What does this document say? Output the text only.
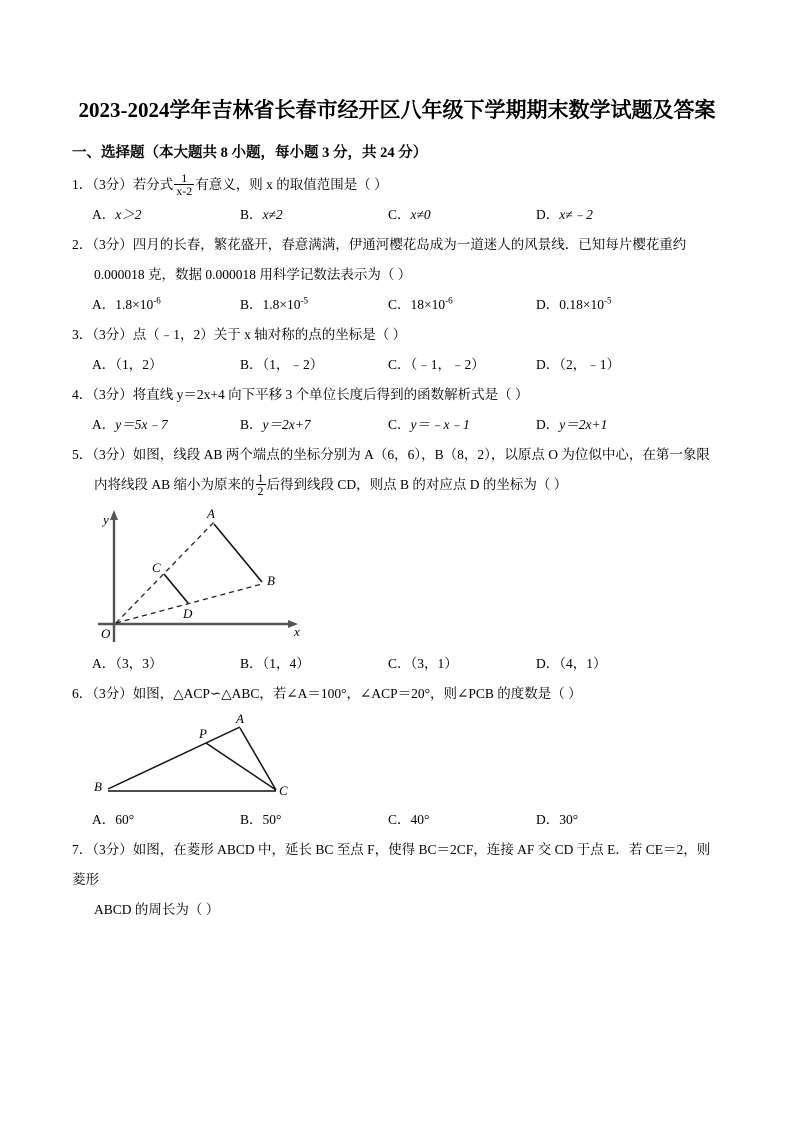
2023-2024学年吉林省长春市经开区八年级下学期期末数学试题及答案
一、选择题（本大题共 8 小题，每小题 3 分，共 24 分）
1．（3分）若分式 $\frac{1}{x-2}$ 有意义，则 x 的取值范围是（ ）
A．x＞2	B．x≠2	C．x≠0	D．x≠﹣2
2．（3分）四月的长春，繁花盛开，春意满满，伊通河樱花岛成为一道迷人的风景线．已知每片樱花重约
0.000018 克，数据 0.000018 用科学记数法表示为（ ）
A．$1.8\times 10^{-6}$	B．$1.8\times 10^{-5}$	C．$18\times 10^{-6}$	D．$0.18\times 10^{-5}$
3．（3分）点（﹣1，2）关于 x 轴对称的点的坐标是（ ）
A．（1，2）	B．（1，﹣2）	C．（﹣1，﹣2）	D．（2，﹣1）
4．（3分）将直线 y＝2x+4 向下平移 3 个单位长度后得到的函数解析式是（ ）
A．y＝5x﹣7	B．y＝2x+7	C．y＝﹣x﹣1	D．y＝2x+1
5．（3分）如图，线段 AB 两个端点的坐标分别为 A（6，6），B（8，2），以原点 O 为位似中心，在第一象限
内将线段 AB 缩小为原来的 $\frac{1}{2}$ 后得到线段 CD，则点 B 的对应点 D 的坐标为（ ）
A
B
C
D
O
y
x
A．（3，3）	B．（1，4）	C．（3，1）	D．（4，1）
6．（3分）如图，△ACP∽△ABC，若∠A＝100°，∠ACP＝20°，则∠PCB 的度数是（ ）
A
P
B	C
A．60°	B．50°	C．40°	D．30°
7．（3分）如图，在菱形 ABCD 中，延长 BC 至点 F，使得 BC＝2CF，连接 AF 交 CD 于点 E．若 CE＝2，则菱形
ABCD 的周长为（ ）
